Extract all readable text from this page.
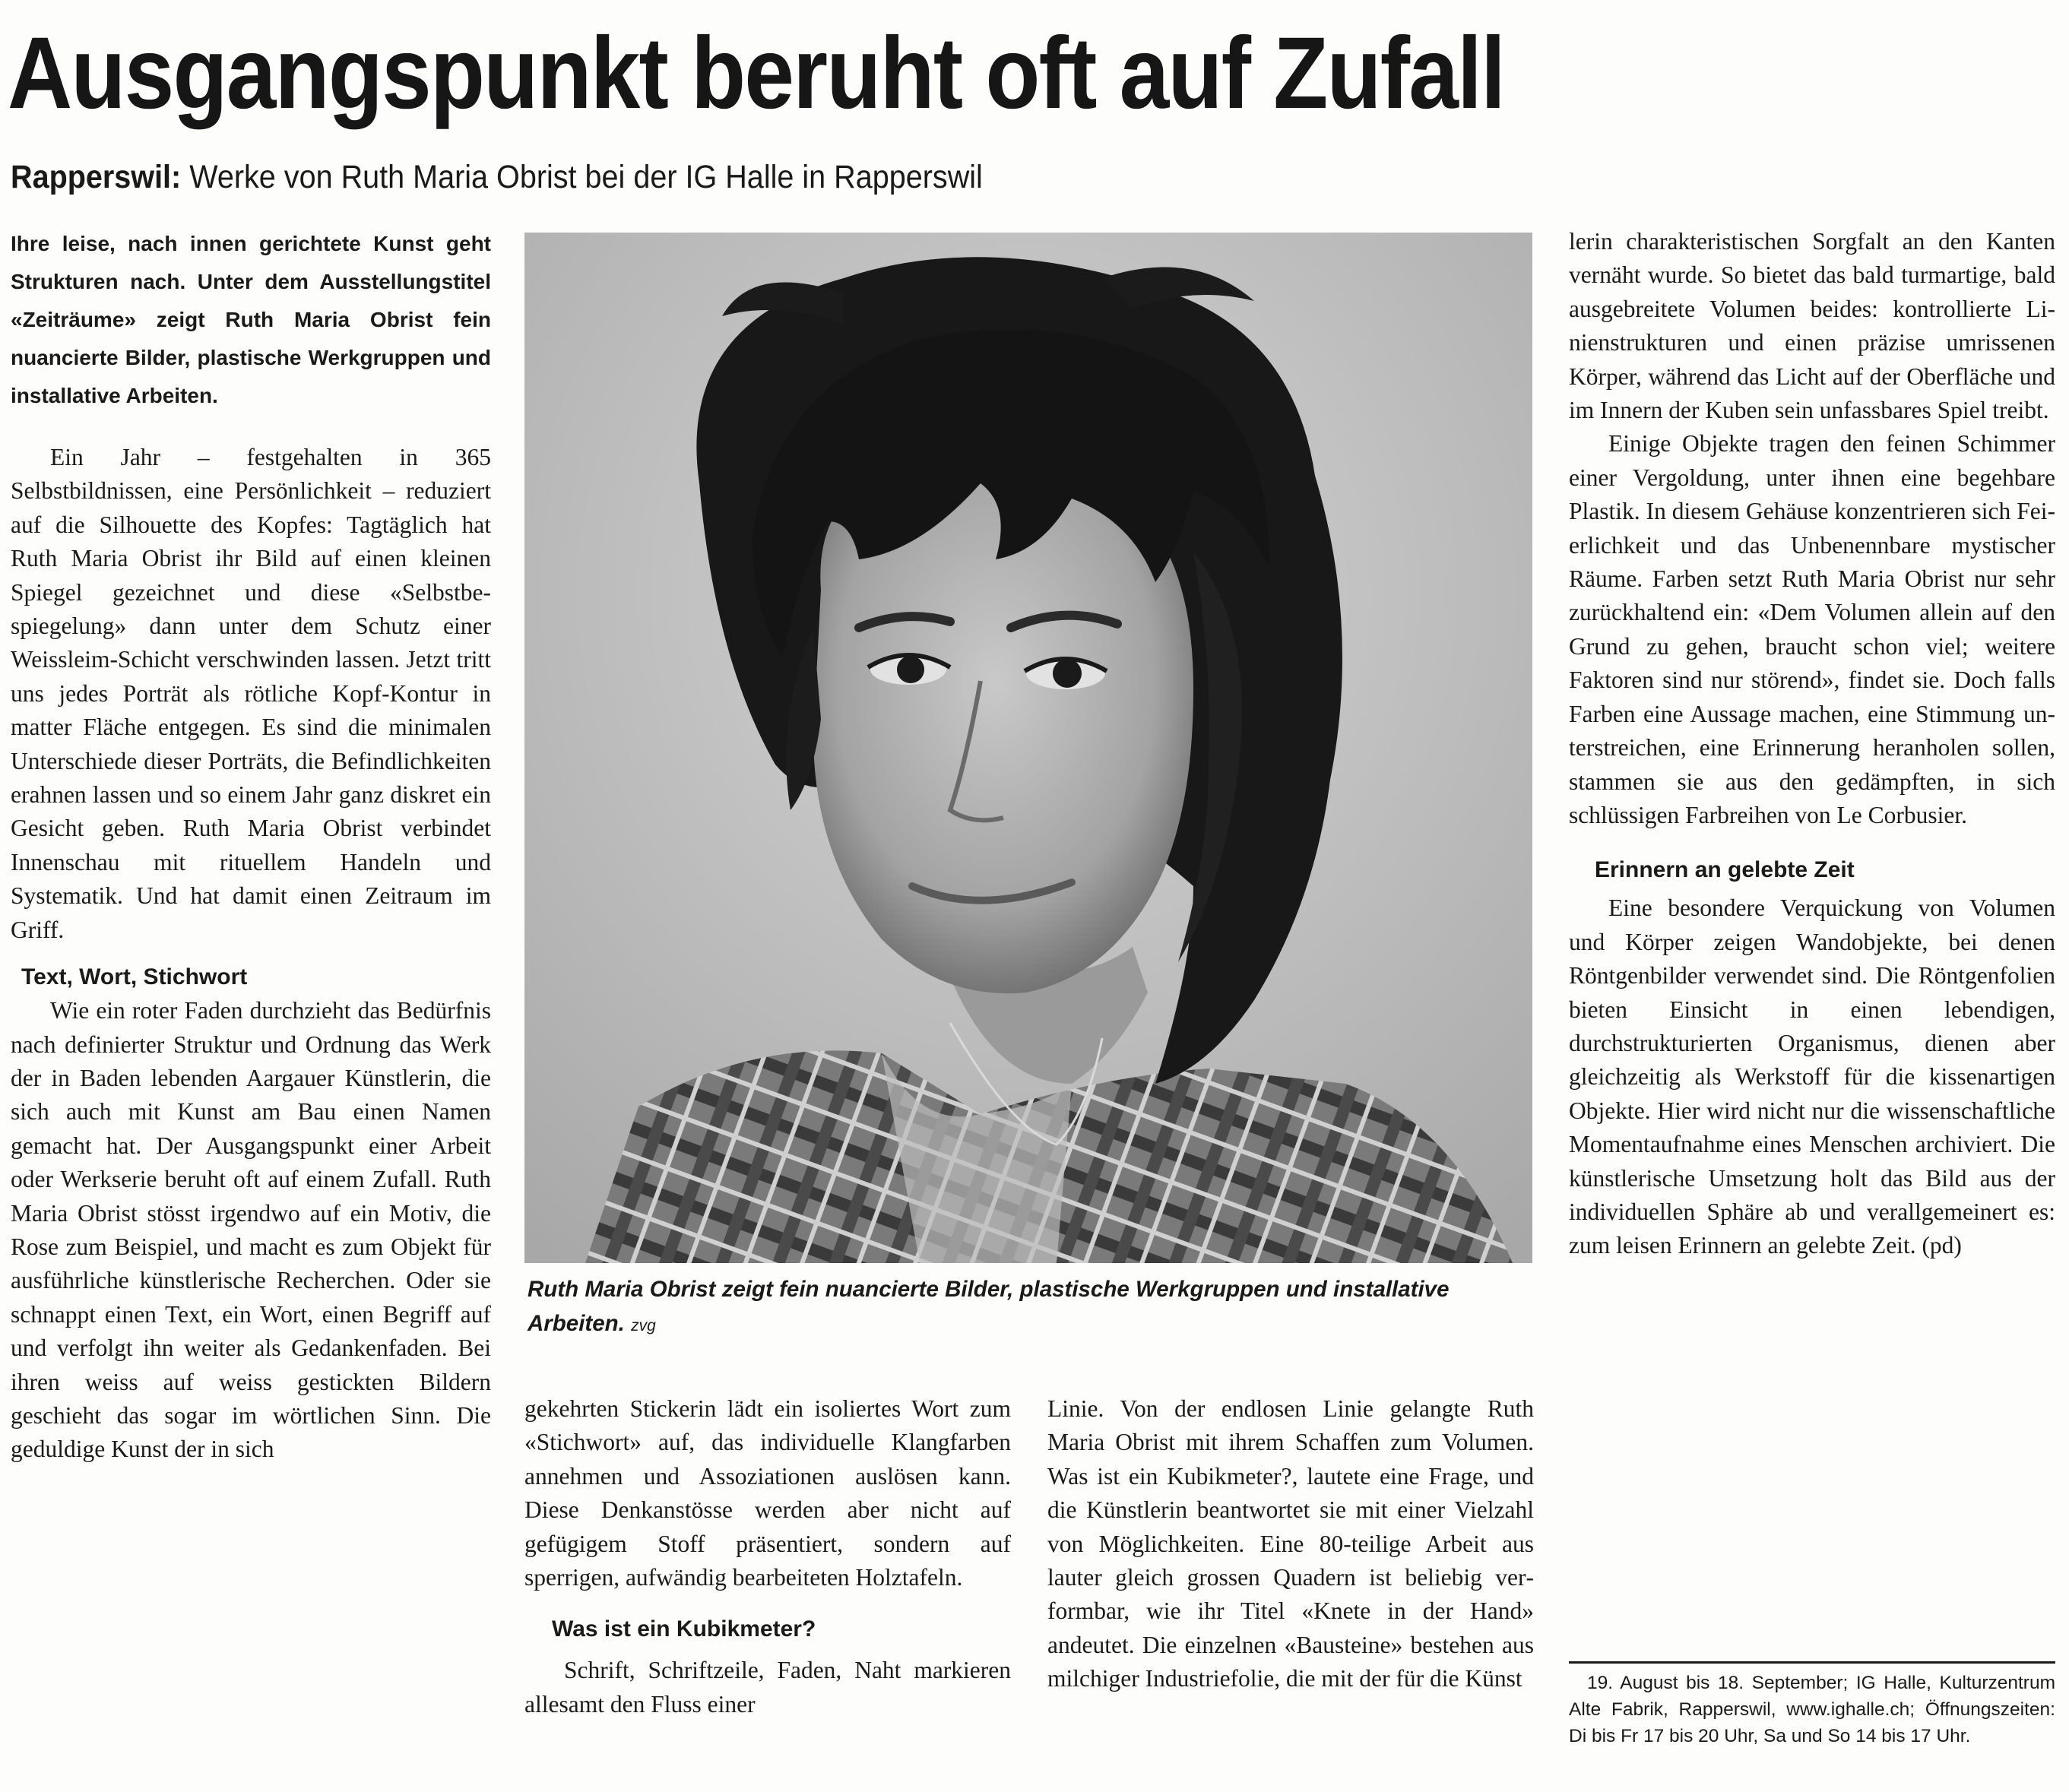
Ausgangspunkt beruht oft auf Zufall
Rapperswil: Werke von Ruth Maria Obrist bei der IG Halle in Rapperswil

Ihre leise, nach innen gerichtete Kunst geht Strukturen nach. Unter dem Ausstellungstitel «Zeiträume» zeigt Ruth Maria Obrist fein nuancierte Bilder, plastische Werkgruppen und installative Arbeiten.

Ein Jahr – festgehalten in 365 Selbstbildnissen, eine Persönlichkeit – reduziert auf die Silhouette des Kopfes: Tagtäglich hat Ruth Maria Obrist ihr Bild auf einen kleinen Spiegel gezeichnet und diese «Selbstbespiegelung» dann unter dem Schutz einer Weissleim-Schicht verschwinden lassen. Jetzt tritt uns jedes Porträt als rötliche Kopf-Kontur in matter Fläche entgegen. Es sind die minimalen Unterschiede dieser Porträts, die Befindlichkeiten erahnen lassen und so einem Jahr ganz diskret ein Gesicht geben. Ruth Maria Obrist verbindet Innenschau mit rituellem Handeln und Systematik. Und hat damit einen Zeitraum im Griff.

Text, Wort, Stichwort

Wie ein roter Faden durchzieht das Bedürfnis nach definierter Struktur und Ordnung das Werk der in Baden lebenden Aargauer Künstlerin, die sich auch mit Kunst am Bau einen Namen gemacht hat. Der Ausgangspunkt einer Arbeit oder Werkserie beruht oft auf einem Zufall. Ruth Maria Obrist stösst irgendwo auf ein Motiv, die Rose zum Beispiel, und macht es zum Objekt für ausführliche künstlerische Recherchen. Oder sie schnappt einen Text, ein Wort, einen Begriff auf und verfolgt ihn weiter als Gedankenfaden. Bei ihren weiss auf weiss gestickten Bildern geschieht das sogar im wörtlichen Sinn. Die geduldige Kunst der in sich

Ruth Maria Obrist zeigt fein nuancierte Bilder, plastische Werkgruppen und installative Arbeiten. zvg

gekehrten Stickerin lädt ein isoliertes Wort zum «Stichwort» auf, das individuelle Klangfarben annehmen und Assoziationen auslösen kann. Diese Denkanstösse werden aber nicht auf gefügigem Stoff präsentiert, sondern auf sperrigen, aufwändig bearbeiteten Holztafeln.

Was ist ein Kubikmeter?

Schrift, Schriftzeile, Faden, Naht markieren allesamt den Fluss einer

Linie. Von der endlosen Linie gelangte Ruth Maria Obrist mit ihrem Schaffen zum Volumen. Was ist ein Kubikmeter?, lautete eine Frage, und die Künstlerin beantwortet sie mit einer Vielzahl von Möglichkeiten. Eine 80-teilige Arbeit aus lauter gleich grossen Quadern ist beliebig verformbar, wie ihr Titel «Knete in der Hand» andeutet. Die einzelnen «Bausteine» bestehen aus milchiger Industriefolie, die mit der für die Künst

lerin charakteristischen Sorgfalt an den Kanten vernäht wurde. So bietet das bald turmartige, bald ausgebreitete Volumen beides: kontrollierte Linienstrukturen und einen präzise umrissenen Körper, während das Licht auf der Oberfläche und im Innern der Kuben sein unfassbares Spiel treibt.

Einige Objekte tragen den feinen Schimmer einer Vergoldung, unter ihnen eine begehbare Plastik. In diesem Gehäuse konzentrieren sich Feierlichkeit und das Unbenennbare mystischer Räume. Farben setzt Ruth Maria Obrist nur sehr zurückhaltend ein: «Dem Volumen allein auf den Grund zu gehen, braucht schon viel; weitere Faktoren sind nur störend», findet sie. Doch falls Farben eine Aussage machen, eine Stimmung unterstreichen, eine Erinnerung heranholen sollen, stammen sie aus den gedämpften, in sich schlüssigen Farbreihen von Le Corbusier.

Erinnern an gelebte Zeit

Eine besondere Verquickung von Volumen und Körper zeigen Wandobjekte, bei denen Röntgenbilder verwendet sind. Die Röntgenfolien bieten Einsicht in einen lebendigen, durchstrukturierten Organismus, dienen aber gleichzeitig als Werkstoff für die kissenartigen Objekte. Hier wird nicht nur die wissenschaftliche Momentaufnahme eines Menschen archiviert. Die künstlerische Umsetzung holt das Bild aus der individuellen Sphäre ab und verallgemeinert es: zum leisen Erinnern an gelebte Zeit. (pd)

19. August bis 18. September; IG Halle, Kulturzentrum Alte Fabrik, Rapperswil, www.ighalle.ch; Öffnungszeiten: Di bis Fr 17 bis 20 Uhr, Sa und So 14 bis 17 Uhr.
